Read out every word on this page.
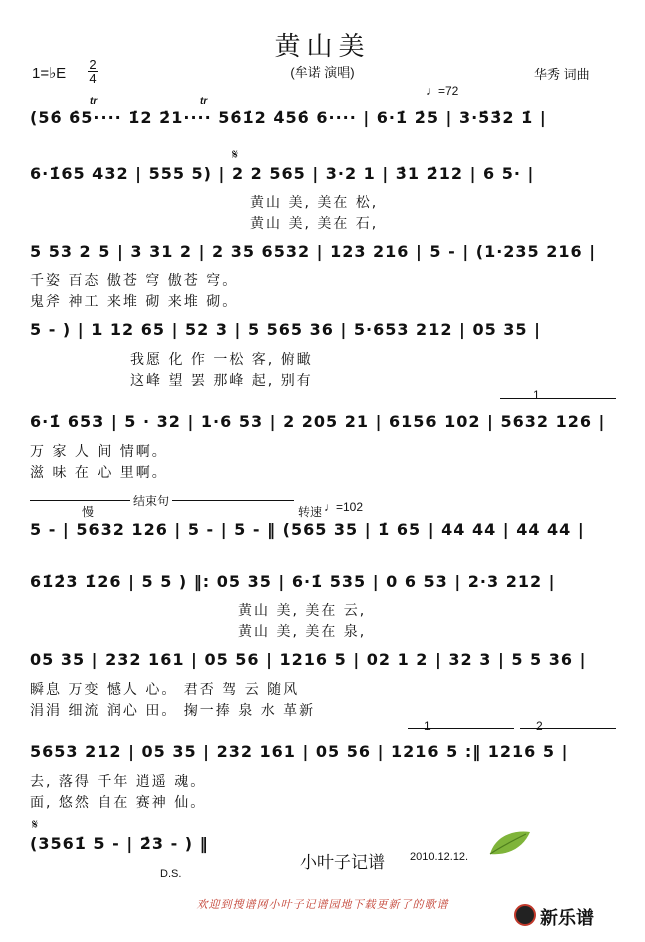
黄山美
(牟诺 演唱)
1=♭E
2
4	华秀 词曲
♩=72
tr	tr
(56̇ 6̇5···· 1̇2 2̇1···· 56̇1̇2 4̇56̇ 6···· | 6·1̇ 2̇5 | 3·5̇3̇2 1̇ |
𝄋
6·1̇65 432 | 555 5) | 2 2 565 | 3·2 1 | 3̇1 2̇12 | 6 5· |
黄山 美, 美在 松,
黄山 美, 美在 石,
5 53 2 5 | 3 31 2 | 2 35 6532 | 123 216 | 5 - | (1·235 216 |
千姿 百态 傲苍 穹 傲苍 穹。
鬼斧 神工 来堆 砌 来堆 砌。
5 - ) | 1 12 65 | 52 3 | 5 565 36 | 5·653 212 | 05 35 |
我愿 化 作 一松 客, 俯瞰
这峰 望 罢 那峰 起, 别有
1
6·1̇ 653 | 5 · 32 | 1·6 53 | 2 205 21 | 6156 102 | 5632 126 |
万 家 人 间 情啊。
滋 味 在 心 里啊。
慢
结束句
转速 ♩=102
5 - | 5632 126 | 5 - | 5 - ‖ (565 35 | 1̇ 65 | 44 44 | 44 44 |
61̇2̇3 1̇26 | 5 5 ) ‖: 05 35 | 6·1̇ 535 | 0 6 53 | 2·3 212 |
黄山 美, 美在 云,
黄山 美, 美在 泉,
05 35 | 232 161 | 05 56 | 1216 5 | 02 1 2 | 32 3 | 5 5 36 |
瞬息 万变 憾人 心。 君否 驾 云 随风
涓涓 细流 润心 田。 掬一捧 泉 水 革新
1	2
5653 212 | 05 35 | 232 161 | 05 56 | 1216 5 :‖ 1216 5 |
去, 落得 千年 逍遥 魂。
面, 悠然 自在 赛神 仙。
𝄋
(3561̇ 5 - | 2̇3 - ) ‖
D.S.
小叶子记谱 2010.12.12.
欢迎到搜谱网小叶子记谱园地下载更新了的歌谱
新乐谱
